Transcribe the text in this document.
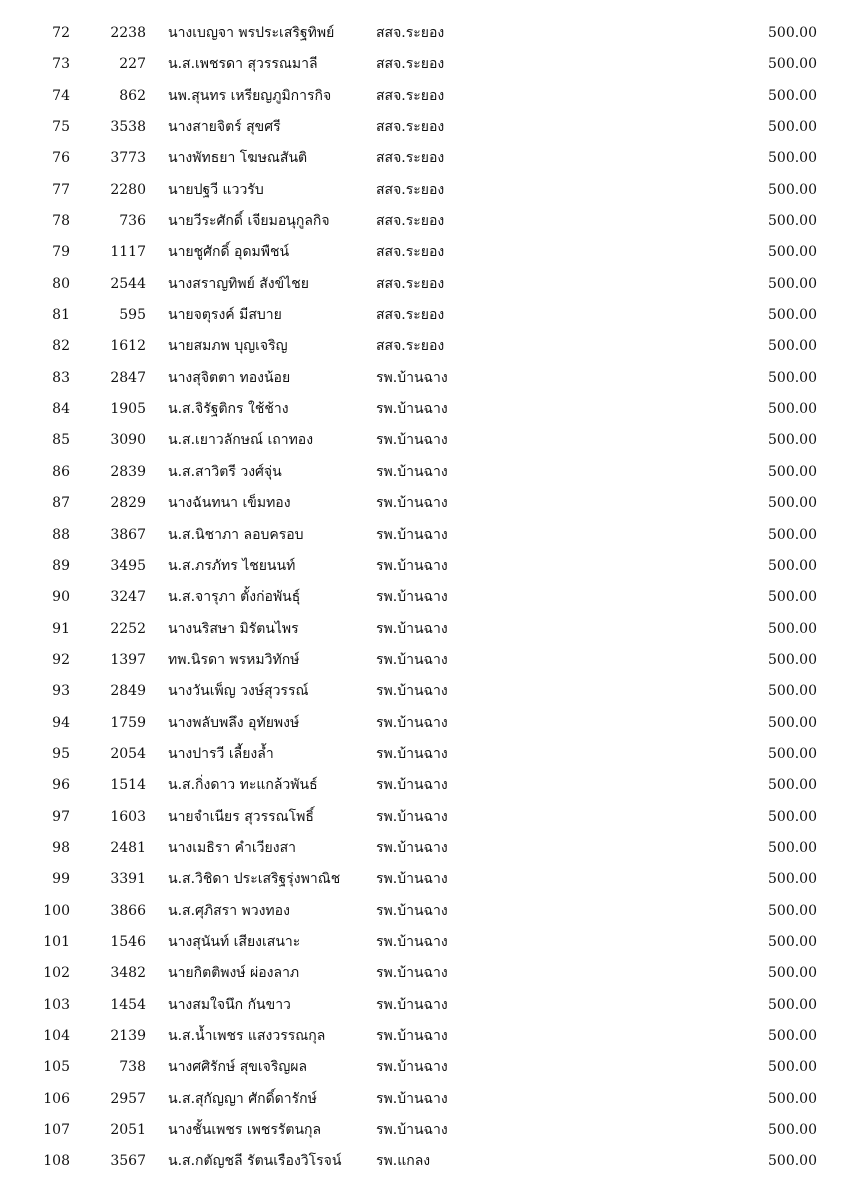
72	2238 นางเบญจา พรประเสริฐทิพย์	สสจ.ระยอง	500.00
73	227 น.ส.เพชรดา สุวรรณมาลี	สสจ.ระยอง	500.00
74	862 นพ.สุนทร เหรียญภูมิการกิจ	สสจ.ระยอง	500.00
75	3538 นางสายจิตร์ สุขศรี	สสจ.ระยอง	500.00
76	3773 นางพัทธยา โฆษณสันติ	สสจ.ระยอง	500.00
77	2280 นายปฐวี แววรับ	สสจ.ระยอง	500.00
78	736 นายวีระศักดิ์ เจียมอนุกูลกิจ	สสจ.ระยอง	500.00
79	1117 นายชูศักดิ์ อุดมพืชน์	สสจ.ระยอง	500.00
80	2544 นางสราญทิพย์ สังข์ไชย	สสจ.ระยอง	500.00
81	595 นายจตุรงค์ มีสบาย	สสจ.ระยอง	500.00
82	1612 นายสมภพ บุญเจริญ	สสจ.ระยอง	500.00
83	2847 นางสุจิตตา ทองน้อย	รพ.บ้านฉาง	500.00
84	1905 น.ส.จิรัฐติกร ใช้ช้าง	รพ.บ้านฉาง	500.00
85	3090 น.ส.เยาวลักษณ์ เถาทอง	รพ.บ้านฉาง	500.00
86	2839 น.ส.สาวิตรี วงศ์จุ่น	รพ.บ้านฉาง	500.00
87	2829 นางฉันทนา เข็มทอง	รพ.บ้านฉาง	500.00
88	3867 น.ส.นิชาภา ลอบครอบ	รพ.บ้านฉาง	500.00
89	3495 น.ส.ภรภัทร ไชยนนท์	รพ.บ้านฉาง	500.00
90	3247 น.ส.จารุภา ตั้งก่อพันธุ์	รพ.บ้านฉาง	500.00
91	2252 นางนริสษา มิรัตนไพร	รพ.บ้านฉาง	500.00
92	1397 ทพ.นิรดา พรหมวิทักษ์	รพ.บ้านฉาง	500.00
93	2849 นางวันเพ็ญ วงษ์สุวรรณ์	รพ.บ้านฉาง	500.00
94	1759 นางพลับพลึง อุทัยพงษ์	รพ.บ้านฉาง	500.00
95	2054 นางปารวี เลี้ยงล้ำ	รพ.บ้านฉาง	500.00
96	1514 น.ส.กิ่งดาว ทะแกล้วพันธ์	รพ.บ้านฉาง	500.00
97	1603 นายจำเนียร สุวรรณโพธิ์	รพ.บ้านฉาง	500.00
98	2481 นางเมธิรา คำเวียงสา	รพ.บ้านฉาง	500.00
99	3391 น.ส.วิชิดา ประเสริฐรุ่งพาณิช	รพ.บ้านฉาง	500.00
100	3866 น.ส.ศุภิสรา พวงทอง	รพ.บ้านฉาง	500.00
101	1546 นางสุนันท์ เสียงเสนาะ	รพ.บ้านฉาง	500.00
102	3482 นายกิตติพงษ์ ผ่องลาภ	รพ.บ้านฉาง	500.00
103	1454 นางสมใจนึก กันขาว	รพ.บ้านฉาง	500.00
104	2139 น.ส.น้ำเพชร แสงวรรณกุล	รพ.บ้านฉาง	500.00
105	738 นางศศิรักษ์ สุขเจริญผล	รพ.บ้านฉาง	500.00
106	2957 น.ส.สุกัญญา ศักดิ์ดารักษ์	รพ.บ้านฉาง	500.00
107	2051 นางชั้นเพชร เพชรรัตนกุล	รพ.บ้านฉาง	500.00
108	3567 น.ส.กตัญชลี รัตนเรืองวิโรจน์	รพ.แกลง	500.00
